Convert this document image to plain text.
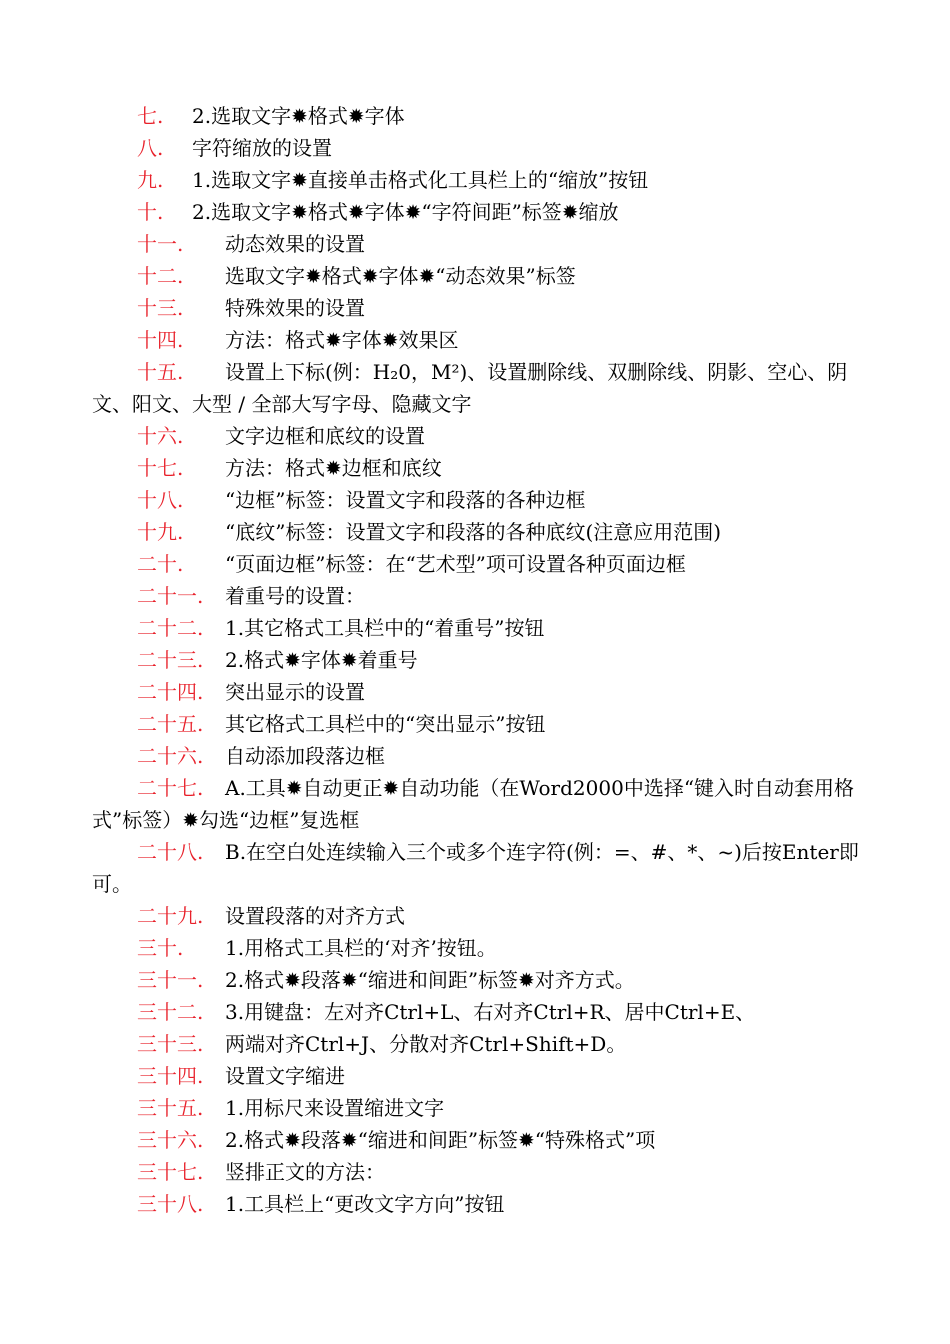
七.	2.选取文字✹格式✹字体
八.	字符缩放的设置
九.	1.选取文字✹直接单击格式化工具栏上的“缩放”按钮
十.	2.选取文字✹格式✹字体✹“字符间距”标签✹缩放
十一.	动态效果的设置
十二.	选取文字✹格式✹字体✹“动态效果”标签
十三.	特殊效果的设置
十四.	方法：格式✹字体✹效果区
十五.	设置上下标(例：H₂0，M²)、设置删除线、双删除线、阴影、空心、阴文、阳文、大型 / 全部大写字母、隐藏文字
十六.	文字边框和底纹的设置
十七.	方法：格式✹边框和底纹
十八.	“边框”标签：设置文字和段落的各种边框
十九.	“底纹”标签：设置文字和段落的各种底纹(注意应用范围)
二十.	“页面边框”标签：在“艺术型”项可设置各种页面边框
二十一.	着重号的设置：
二十二.	1.其它格式工具栏中的“着重号”按钮
二十三.	2.格式✹字体✹着重号
二十四.	突出显示的设置
二十五.	其它格式工具栏中的“突出显示”按钮
二十六.	自动添加段落边框
二十七.	A.工具✹自动更正✹自动功能（在Word2000中选择“键入时自动套用格式”标签）✹勾选“边框”复选框
二十八.	B.在空白处连续输入三个或多个连字符(例：=、#、*、~)后按Enter即可。
二十九.	设置段落的对齐方式
三十.	1.用格式工具栏的‘对齐’按钮。
三十一.	2.格式✹段落✹“缩进和间距”标签✹对齐方式。
三十二.	3.用键盘：左对齐Ctrl+L、右对齐Ctrl+R、居中Ctrl+E、
三十三.	两端对齐Ctrl+J、分散对齐Ctrl+Shift+D。
三十四.	设置文字缩进
三十五.	1.用标尺来设置缩进文字
三十六.	2.格式✹段落✹“缩进和间距”标签✹“特殊格式”项
三十七.	竖排正文的方法：
三十八.	1.工具栏上“更改文字方向”按钮
